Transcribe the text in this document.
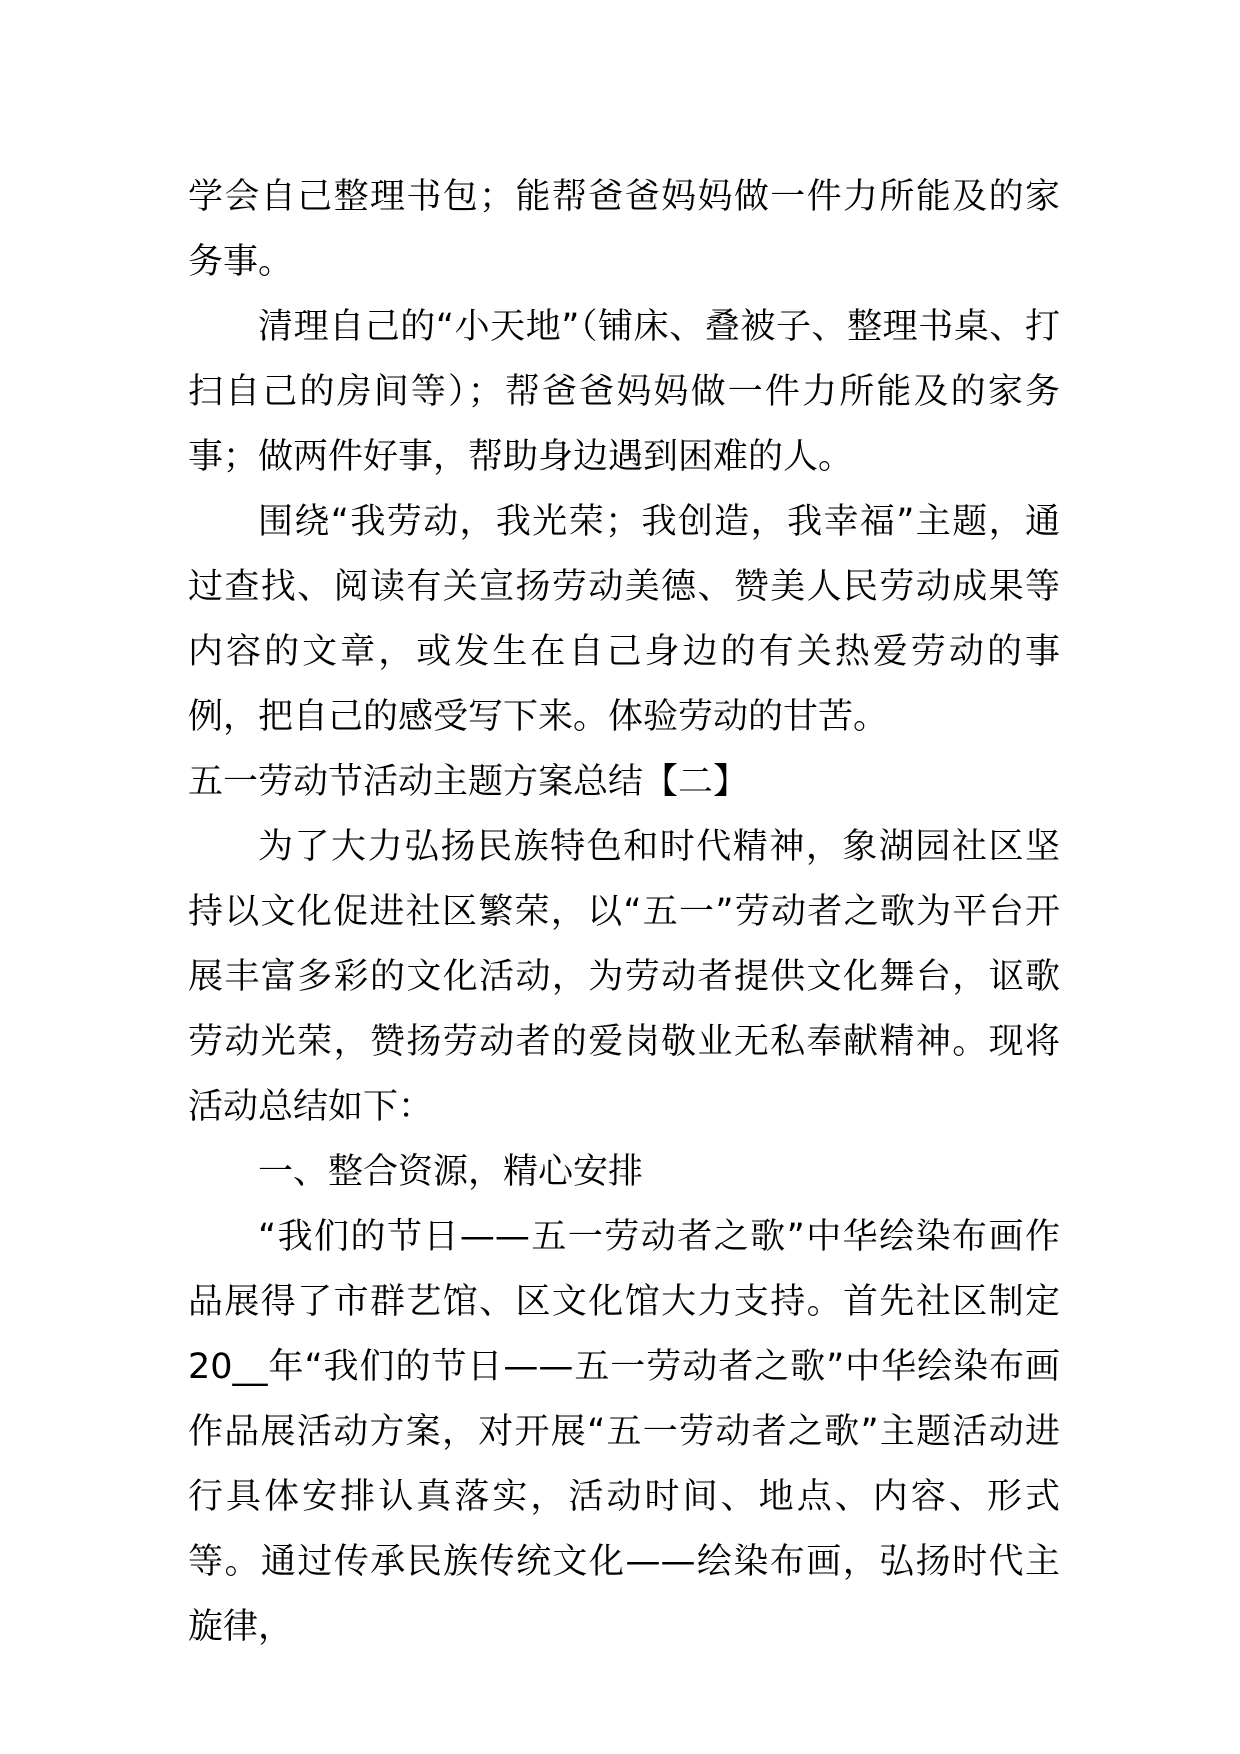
学会自己整理书包；能帮爸爸妈妈做一件力所能及的家务事。

清理自己的“小天地”（铺床、叠被子、整理书桌、打扫自己的房间等）；帮爸爸妈妈做一件力所能及的家务事；做两件好事，帮助身边遇到困难的人。

围绕“我劳动，我光荣；我创造，我幸福”主题，通过查找、阅读有关宣扬劳动美德、赞美人民劳动成果等内容的文章，或发生在自己身边的有关热爱劳动的事例，把自己的感受写下来。体验劳动的甘苦。

五一劳动节活动主题方案总结【二】

为了大力弘扬民族特色和时代精神，象湖园社区坚持以文化促进社区繁荣，以“五一”劳动者之歌为平台开展丰富多彩的文化活动，为劳动者提供文化舞台，讴歌劳动光荣，赞扬劳动者的爱岗敬业无私奉献精神。现将活动总结如下：

一、整合资源，精心安排

“我们的节日——五一劳动者之歌”中华绘染布画作品展得了市群艺馆、区文化馆大力支持。首先社区制定20__年“我们的节日——五一劳动者之歌”中华绘染布画作品展活动方案，对开展“五一劳动者之歌”主题活动进行具体安排认真落实，活动时间、地点、内容、形式等。通过传承民族传统文化——绘染布画，弘扬时代主旋律，
